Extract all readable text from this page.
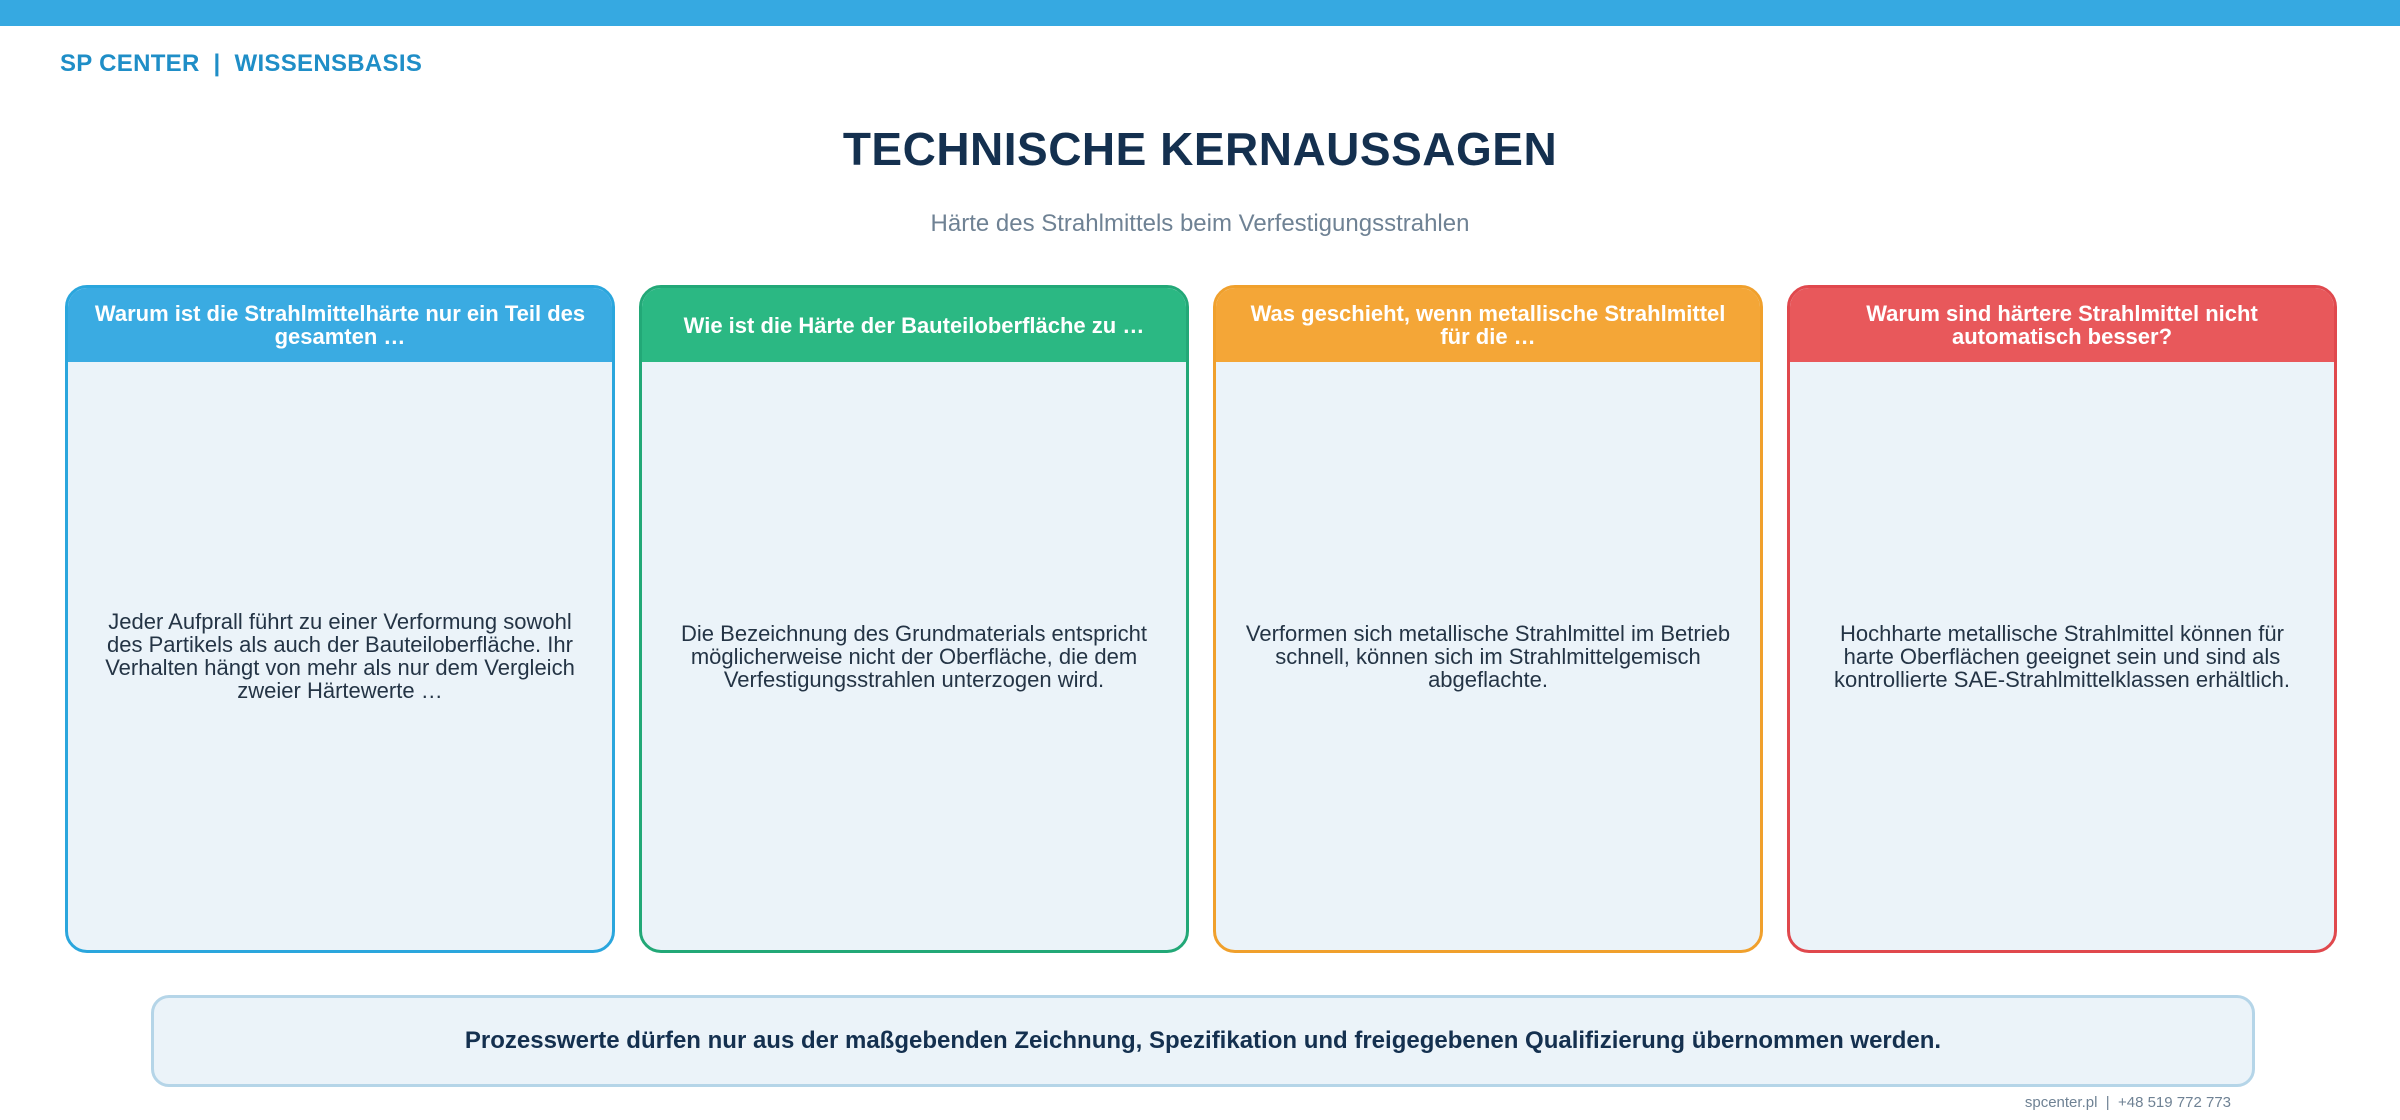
SP CENTER  |  WISSENSBASIS
TECHNISCHE KERNAUSSAGEN
Härte des Strahlmittels beim Verfestigungsstrahlen
Warum ist die Strahlmittelhärte nur ein Teil des gesamten …
Jeder Aufprall führt zu einer Verformung sowohl des Partikels als auch der Bauteiloberfläche. Ihr Verhalten hängt von mehr als nur dem Vergleich zweier Härtewerte …
Wie ist die Härte der Bauteiloberfläche zu …
Die Bezeichnung des Grundmaterials entspricht möglicherweise nicht der Oberfläche, die dem Verfestigungsstrahlen unterzogen wird.
Was geschieht, wenn metallische Strahlmittel für die …
Verformen sich metallische Strahlmittel im Betrieb schnell, können sich im Strahlmittelgemisch abgeflachte.
Warum sind härtere Strahlmittel nicht automatisch besser?
Hochharte metallische Strahlmittel können für harte Oberflächen geeignet sein und sind als kontrollierte SAE-Strahlmittelklassen erhältlich.
Prozesswerte dürfen nur aus der maßgebenden Zeichnung, Spezifikation und freigegebenen Qualifizierung übernommen werden.
spcenter.pl  |  +48 519 772 773
